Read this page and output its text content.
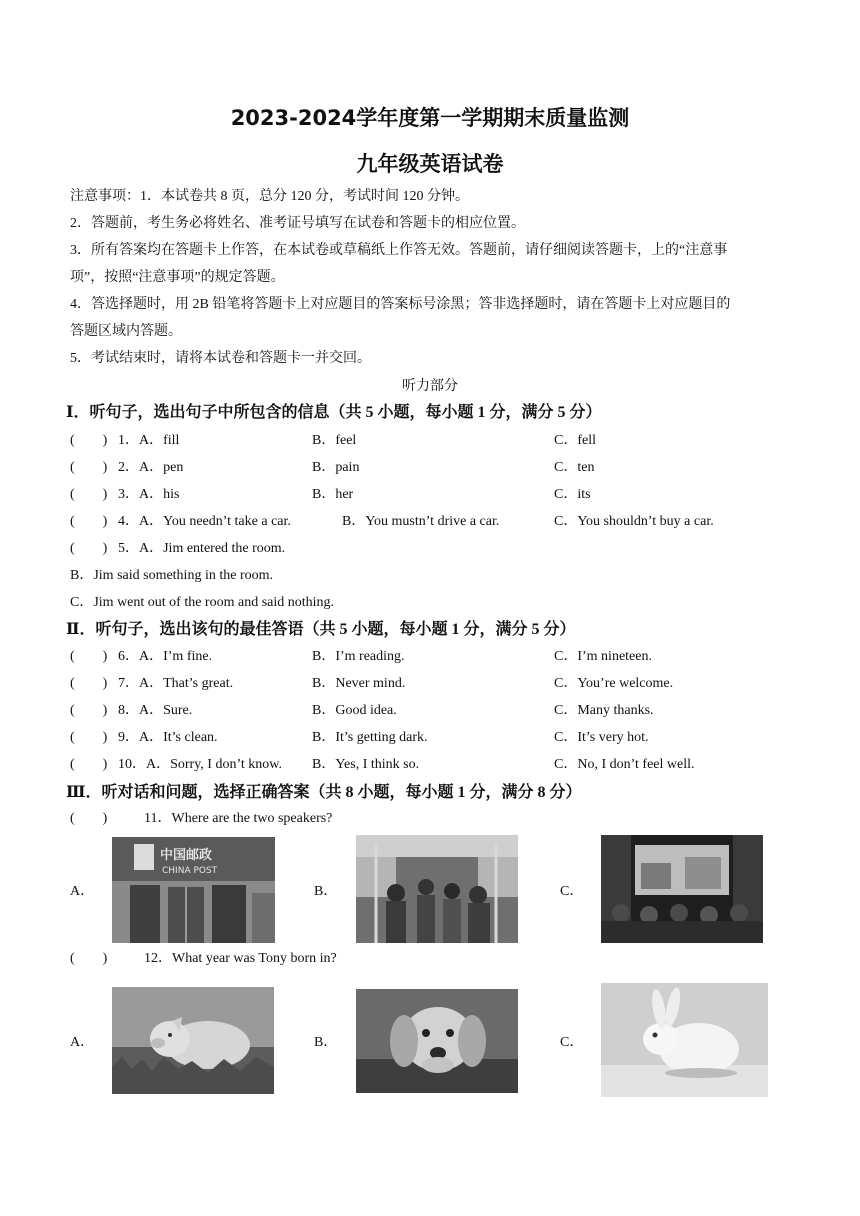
2023-2024学年度第一学期期末质量监测
九年级英语试卷
注意事项：1．本试卷共 8 页，总分 120 分，考试时间 120 分钟。
2．答题前，考生务必将姓名、准考证号填写在试卷和答题卡的相应位置。
3．所有答案均在答题卡上作答，在本试卷或草稿纸上作答无效。答题前，请仔细阅读答题卡，上的“注意事
项”，按照“注意事项”的规定答题。
4．答选择题时，用 2B 铅笔将答题卡上对应题目的答案标号涂黑；答非选择题时，请在答题卡上对应题目的
答题区域内答题。
5．考试结束时，请将本试卷和答题卡一并交回。
听力部分
Ⅰ．听句子，选出句子中所包含的信息（共 5 小题，每小题 1 分，满分 5 分）
(　　) 1．A．fill	B．feel	C．fell
(　　) 2．A．pen	B．pain	C．ten
(　　) 3．A．his	B．her	C．its
(　　) 4．A．You needn’t take a car.	B．You mustn’t drive a car.	C．You shouldn’t buy a car.
(　　) 5．A．Jim entered the room.
B．Jim said something in the room.
C．Jim went out of the room and said nothing.
Ⅱ．听句子，选出该句的最佳答语（共 5 小题，每小题 1 分，满分 5 分）
(　　) 6．A．I’m fine.	B．I’m reading.	C．I’m nineteen.
(　　) 7．A．That’s great.	B．Never mind.	C．You’re welcome.
(　　) 8．A．Sure.	B．Good idea.	C．Many thanks.
(　　) 9．A．It’s clean.	B．It’s getting dark.	C．It’s very hot.
(　　) 10．A．Sorry, I don’t know. B．Yes, I think so.	C．No, I don’t feel well.
Ⅲ．听对话和问题，选择正确答案（共 8 小题，每小题 1 分，满分 8 分）
(　　)	11．Where are the two speakers?
A．
中国邮政
CHINA POST
B．	C．
(　　)	12．What year was Tony born in?
A．	B．	C．
